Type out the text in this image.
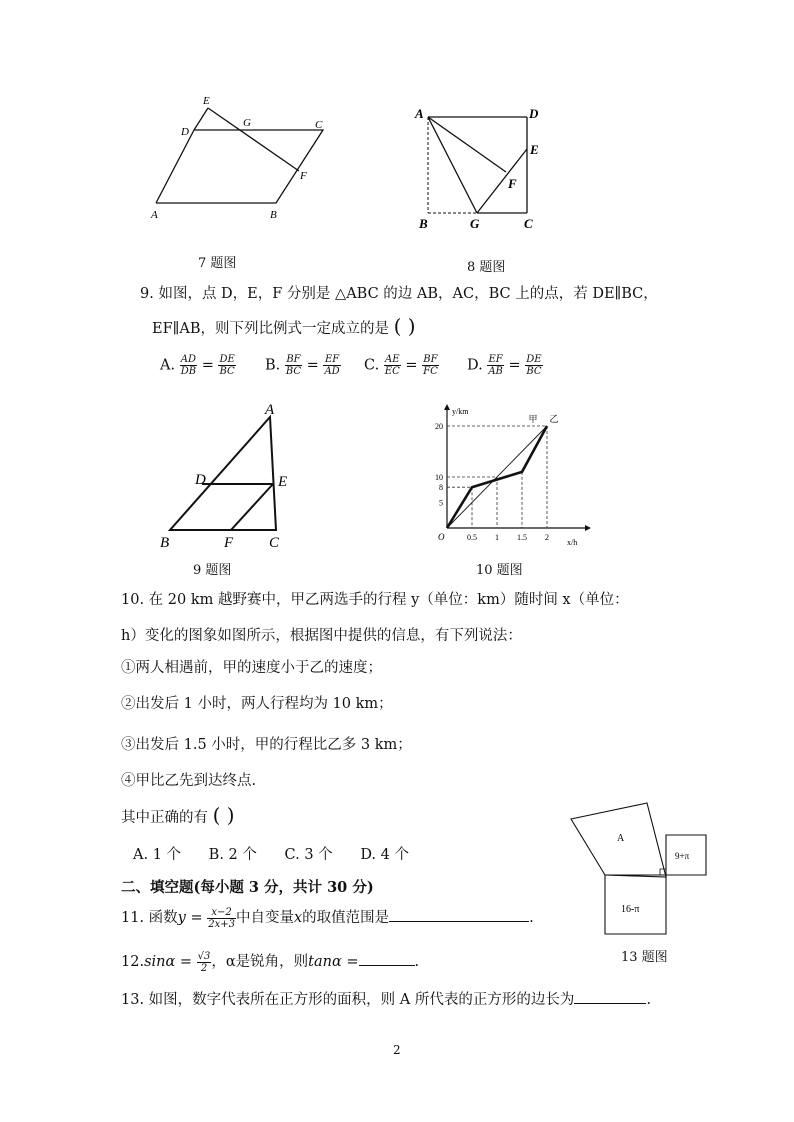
E
G	C
D
F
A	B
7 题图
A	D
E
F
B	G	C
8 题图
9. 如图，点 D，E，F 分别是 △ABC 的边 AB，AC，BC 上的点，若 DE∥BC，
EF∥AB，则下列比例式一定成立的是 ( )
A. $\frac{AD}{DB} = \frac{DE}{BC} B$. $\frac{BF}{BC} = \frac{EF}{AD} C$. $\frac{AE}{EC} = \frac{BF}{FC} D$. $\frac{EF}{AB} = \frac{DE}{BC}$
A
D	E
B	F C
9 题图
y/km
x/h
O
5
8
10
20
0.5 1 1.5 2
甲 乙
10 题图
10. 在 20 km 越野赛中，甲乙两选手的行程 y（单位：km）随时间 x（单位：
h）变化的图象如图所示，根据图中提供的信息，有下列说法：
①两人相遇前，甲的速度小于乙的速度；
②出发后 1 小时，两人行程均为 10 km；
③出发后 1.5 小时，甲的行程比乙多 3 km；
④甲比乙先到达终点.
其中正确的有 ( )
A. 1 个      B. 2 个      C. 3 个      D. 4 个
A
9+π
16-π
13 题图
二、填空题(每小题 3 分，共计 30 分)
11. 函数$y = \frac{x-2}{2x+3}$ 中自变量x的取值范围是	.
$12.\sin\alpha = \frac{√3}{2}$ ，α是锐角，则tanα =	.
13. 如图，数字代表所在正方形的面积，则 A 所代表的正方形的边长为	.
2
